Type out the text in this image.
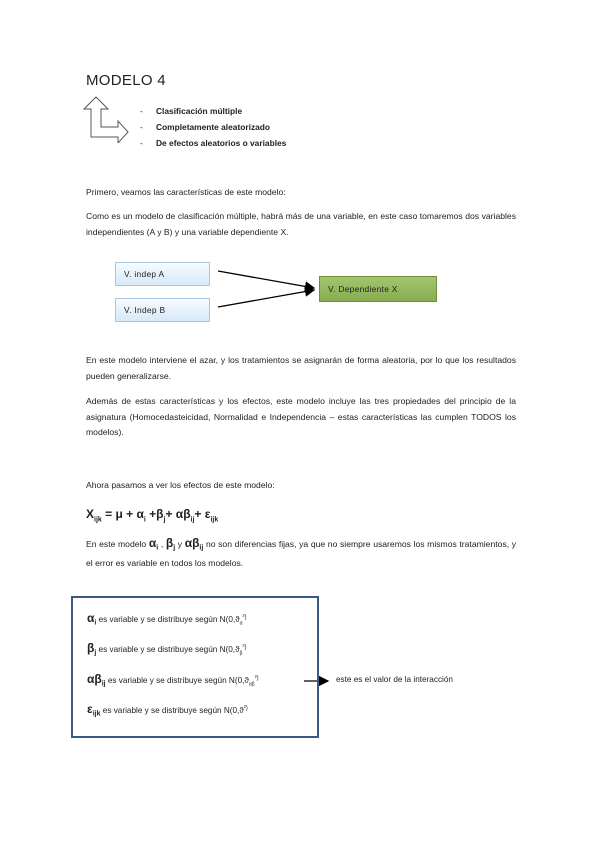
MODELO 4
- Clasificación múltiple
- Completamente aleatorizado
- De efectos aleatorios o variables

Primero, veamos las características de este modelo:

Como es un modelo de clasificación múltiple, habrá más de una variable, en este caso tomaremos dos variables independientes (A y B) y una variable dependiente X.

V. indep A
V. Indep B
V. Dependiente X

En este modelo interviene el azar, y los tratamientos se asignarán de forma aleatoria, por lo que los resultados pueden generalizarse.

Además de estas características y los efectos, este modelo incluye las tres propiedades del principio de la asignatura (Homocedasteicidad, Normalidad e Independencia – estas características las cumplen TODOS los modelos).

Ahora pasamos a ver los efectos de este modelo:

$X_{ijk} = \mu + \alpha_i +\beta_j+ \alpha\beta_{ij}+ \varepsilon_{ijk}$

En este modelo $\alpha_i$ , $\beta_j$ y $\alpha\beta_{ij}$ no son diferencias fijas, ya que no siempre usaremos los mismos tratamientos, y el error es variable en todos los modelos.

$\alpha_i$ es variable y se distribuye según $N(0,ϑ_\alpha^{^2)}$
$\beta_j$ es variable y se distribuye según $N(0,ϑ_\beta^{^2)}$
$\alpha\beta_{ij}$ es variable y se distribuye según $N(0,ϑ_{\alpha\beta}^{^2)}$
$\varepsilon_{ijk}$ es variable y se distribuye según $N(0,ϑ^{^2)}$
este es el valor de la interacción
